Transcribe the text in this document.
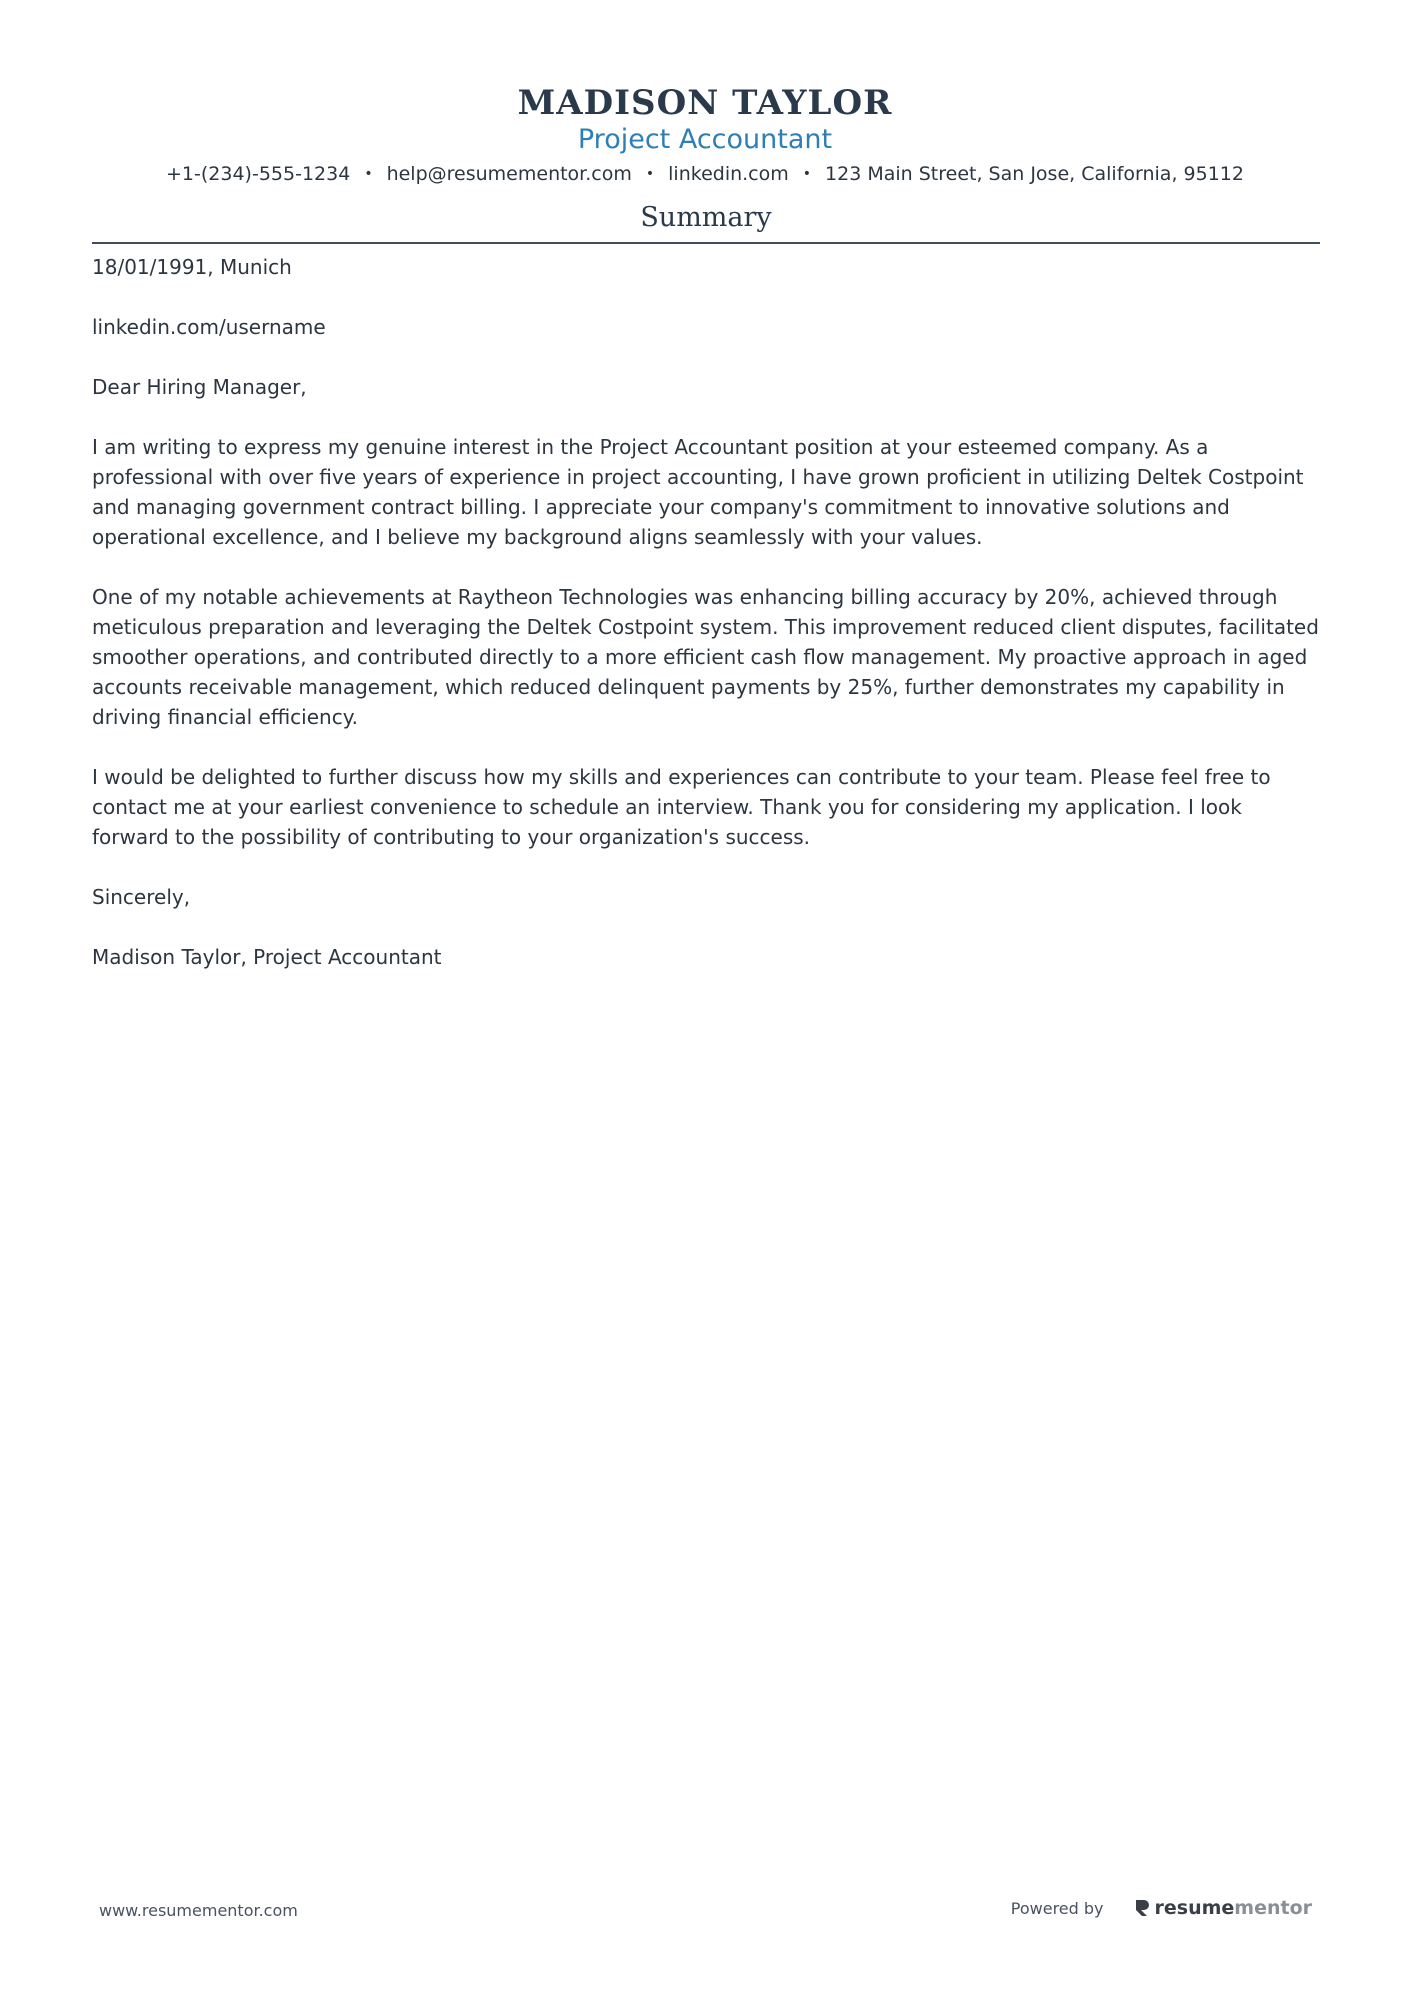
MADISON TAYLOR
Project Accountant
+1-(234)-555-1234 • help@resumementor.com • linkedin.com • 123 Main Street, San Jose, California, 95112
Summary

18/01/1991, Munich

linkedin.com/username

Dear Hiring Manager,

I am writing to express my genuine interest in the Project Accountant position at your esteemed company. As a professional with over five years of experience in project accounting, I have grown proficient in utilizing Deltek Costpoint and managing government contract billing. I appreciate your company's commitment to innovative solutions and operational excellence, and I believe my background aligns seamlessly with your values.

One of my notable achievements at Raytheon Technologies was enhancing billing accuracy by 20%, achieved through meticulous preparation and leveraging the Deltek Costpoint system. This improvement reduced client disputes, facilitated smoother operations, and contributed directly to a more efficient cash flow management. My proactive approach in aged accounts receivable management, which reduced delinquent payments by 25%, further demonstrates my capability in driving financial efficiency.

I would be delighted to further discuss how my skills and experiences can contribute to your team. Please feel free to contact me at your earliest convenience to schedule an interview. Thank you for considering my application. I look forward to the possibility of contributing to your organization's success.

Sincerely,

Madison Taylor, Project Accountant

www.resumementor.com	Powered by	resume mentor
